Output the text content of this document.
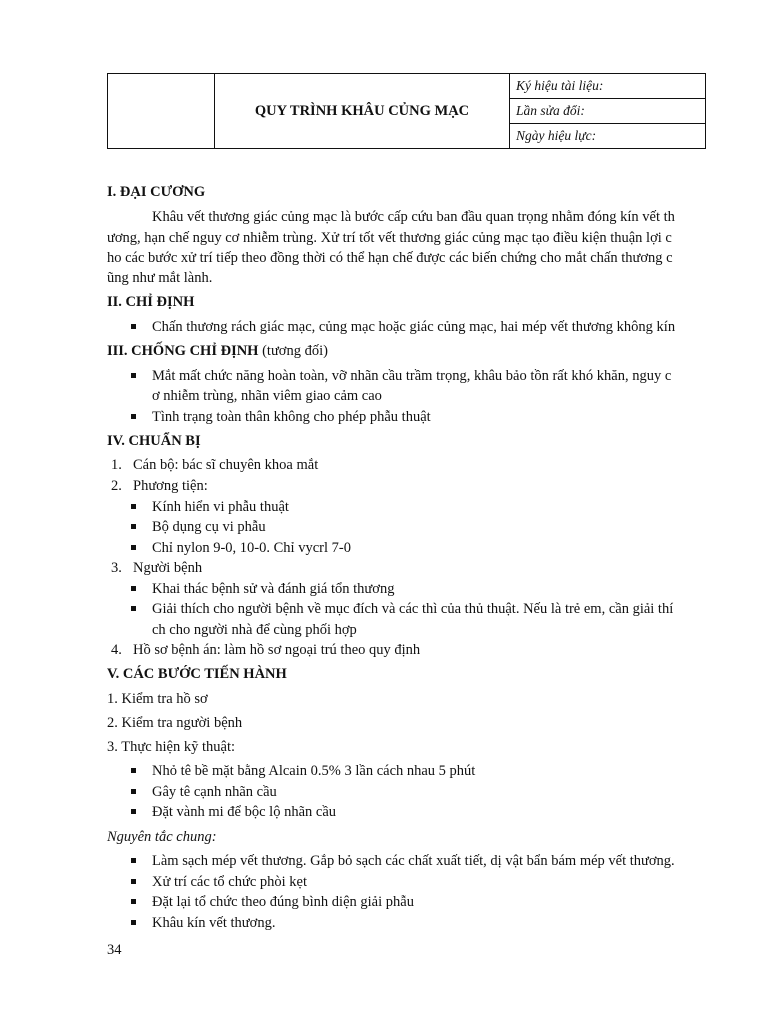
	QUY TRÌNH KHÂU CỦNG MẠC	Ký hiệu tài liệu:
Lần sửa đổi:
Ngày hiệu lực:
I. ĐẠI CƯƠNG
Khâu vết thương giác củng mạc là bước cấp cứu ban đầu quan trọng nhằm đóng kín vết th
ương, hạn chế nguy cơ nhiễm trùng. Xử trí tốt vết thương giác củng mạc tạo điều kiện thuận lợi c
ho các bước xử trí tiếp theo đồng thời có thể hạn chế được các biến chứng cho mắt chấn thương c
ũng như mắt lành.
II. CHỈ ĐỊNH
Chấn thương rách giác mạc, củng mạc hoặc giác củng mạc, hai mép vết thương không kín
III. CHỐNG CHỈ ĐỊNH (tương đối)
Mắt mất chức năng hoàn toàn, vỡ nhãn cầu trầm trọng, khâu bảo tồn rất khó khăn, nguy c
ơ nhiễm trùng, nhãn viêm giao cảm cao
Tình trạng toàn thân không cho phép phẫu thuật
IV. CHUẨN BỊ
1. Cán bộ: bác sĩ chuyên khoa mắt
2. Phương tiện:
Kính hiển vi phẫu thuật
Bộ dụng cụ vi phẫu
Chỉ nylon 9-0, 10-0. Chỉ vycrl 7-0
3. Người bệnh
Khai thác bệnh sử và đánh giá tổn thương
Giải thích cho người bệnh về mục đích và các thì của thủ thuật. Nếu là trẻ em, cần giải thí
ch cho người nhà để cùng phối hợp
4. Hồ sơ bệnh án: làm hồ sơ ngoại trú theo quy định
V. CÁC BƯỚC TIẾN HÀNH
1. Kiểm tra hồ sơ
2. Kiểm tra người bệnh
3. Thực hiện kỹ thuật:
Nhỏ tê bề mặt bằng Alcain 0.5% 3 lần cách nhau 5 phút
Gây tê cạnh nhãn cầu
Đặt vành mi để bộc lộ nhãn cầu
Nguyên tắc chung:
Làm sạch mép vết thương. Gắp bỏ sạch các chất xuất tiết, dị vật bẩn bám mép vết thương.
Xử trí các tổ chức phòi kẹt
Đặt lại tổ chức theo đúng bình diện giải phẫu
Khâu kín vết thương.
34
